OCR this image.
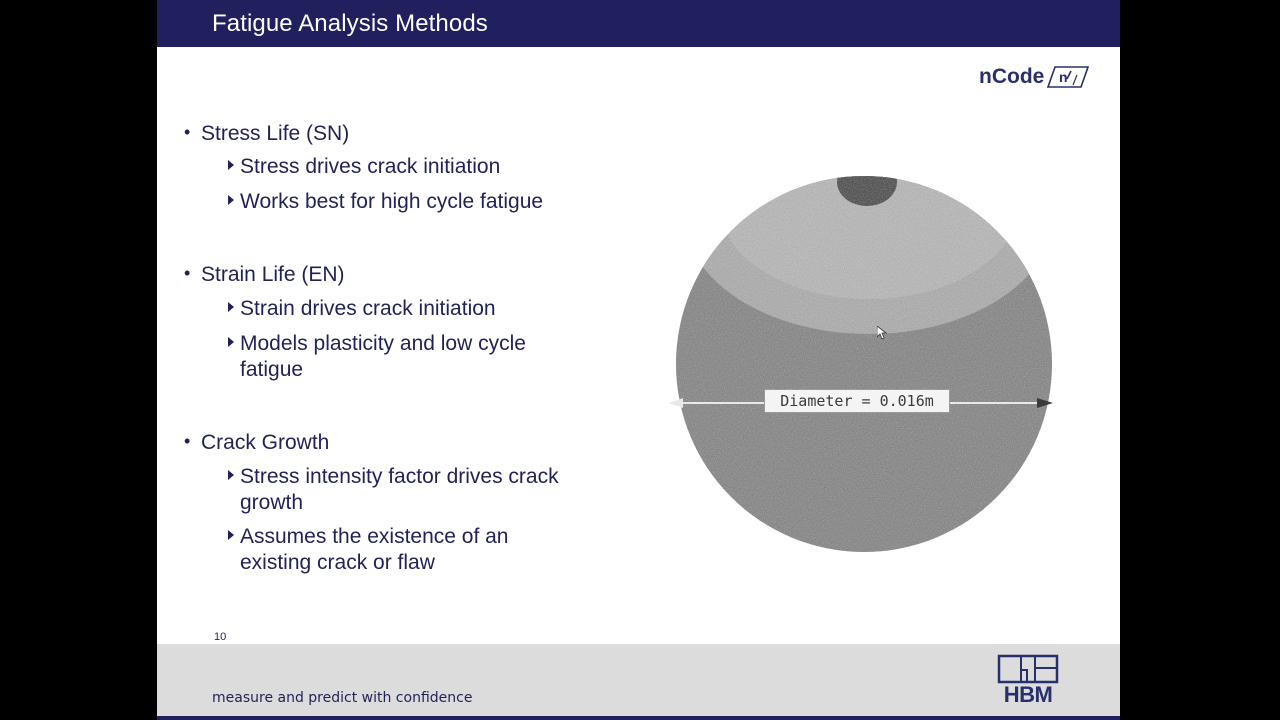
Fatigue Analysis Methods
nCode n
• Stress Life (SN)
Stress drives crack initiation
Works best for high cycle fatigue
• Strain Life (EN)
Strain drives crack initiation
Models plasticity and low cycle fatigue
• Crack Growth
Stress intensity factor drives crack growth
Assumes the existence of an existing crack or flaw
Diameter = 0.016m
10
measure and predict with confidence	HBM
